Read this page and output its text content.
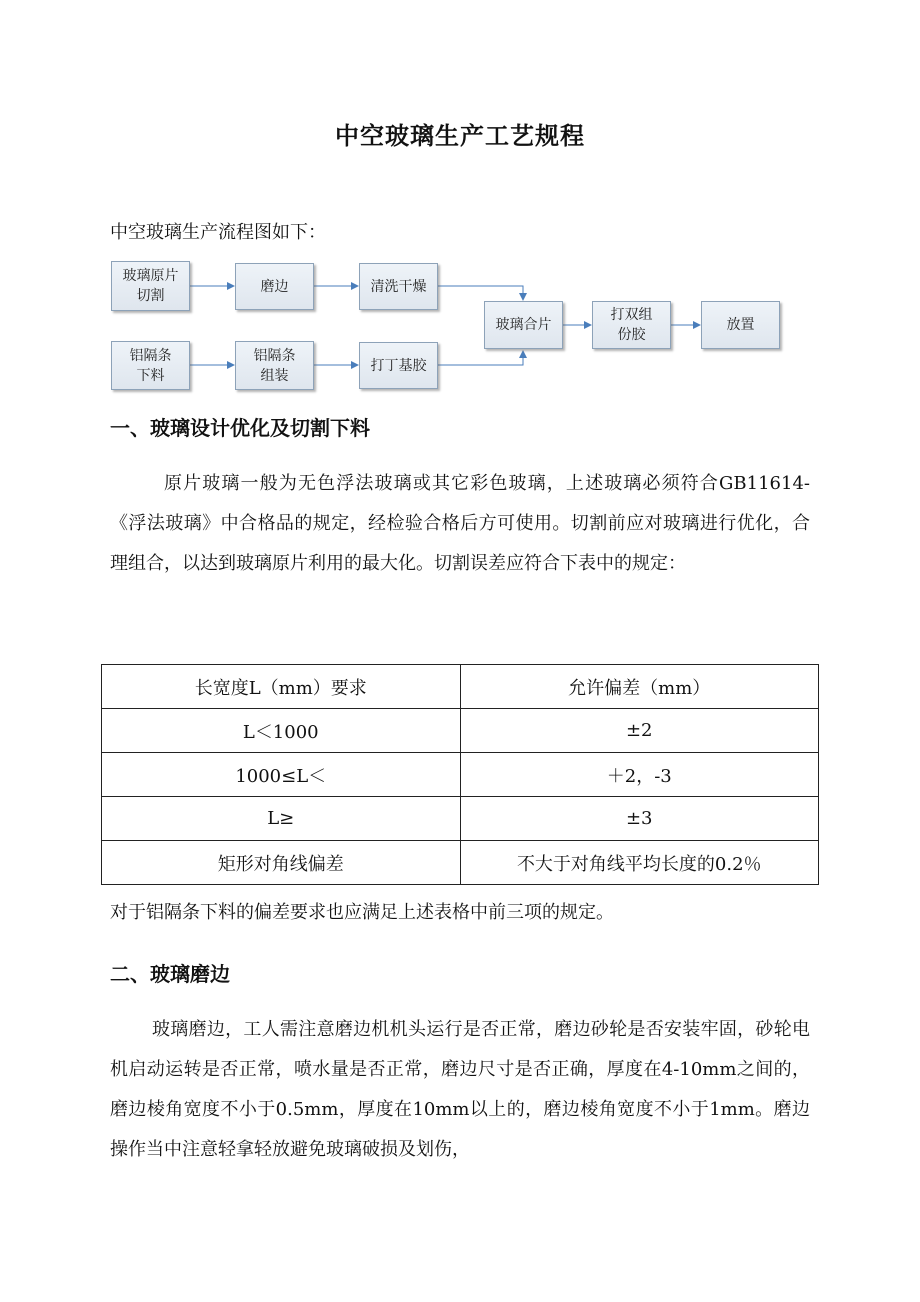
中空玻璃生产工艺规程
中空玻璃生产流程图如下：
玻璃原片
切割
磨边	清洗干燥
铝隔条
下料
铝隔条
组装
打丁基胶
玻璃合片
打双组
份胶
放置
一、玻璃设计优化及切割下料
原片玻璃一般为无色浮法玻璃或其它彩色玻璃，上述玻璃必须符合GB11614-《浮法玻璃》中合格品的规定，经检验合格后方可使用。切割前应对玻璃进行优化，合理组合，以达到玻璃原片利用的最大化。切割误差应符合下表中的规定：
长宽度L（mm）要求	允许偏差（mm）
L＜1000	±2
1000≤L＜	＋2，-3
L≥	±3
矩形对角线偏差	不大于对角线平均长度的0.2％
对于铝隔条下料的偏差要求也应满足上述表格中前三项的规定。
二、玻璃磨边
玻璃磨边，工人需注意磨边机机头运行是否正常，磨边砂轮是否安装牢固，砂轮电机启动运转是否正常，喷水量是否正常，磨边尺寸是否正确，厚度在4-10mm之间的，磨边棱角宽度不小于0.5mm，厚度在10mm以上的，磨边棱角宽度不小于1mm。磨边操作当中注意轻拿轻放避免玻璃破损及划伤，
